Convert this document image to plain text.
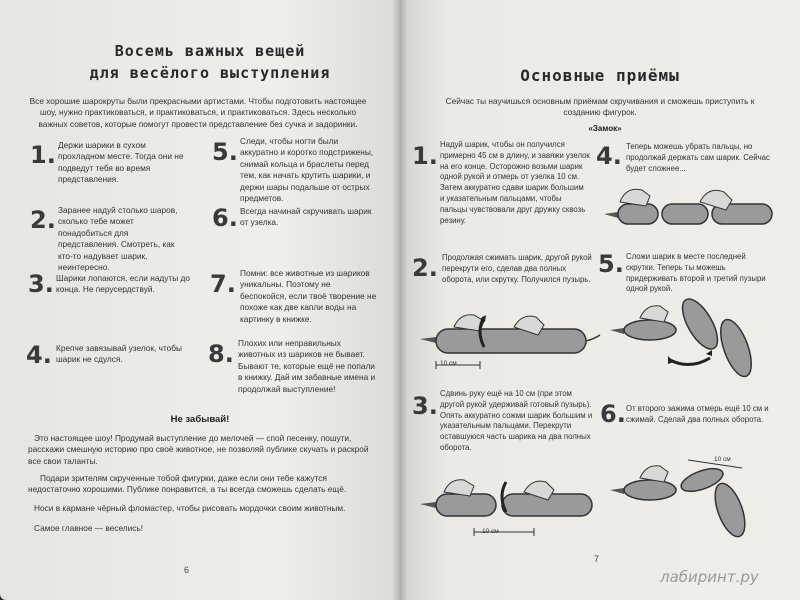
Восемь важных вещей
для весёлого выступления
Все хорошие шарокруты были прекрасными артистами. Чтобы подготовить настоящее шоу, нужно практиковаться, и практиковаться, и практиковаться. Здесь несколько важных советов, которые помогут провести представление без сучка и задоринки.
1. Держи шарики в сухом прохладном месте. Тогда они не подведут тебя во время представления.
2. Заранее надуй столько шаров, сколько тебе может понадобиться для представления. Смотреть, как кто-то надувает шарик, неинтересно.
3. Шарики лопаются, если надуты до конца. Не перусердствуй.
4. Крепче завязывай узелок, чтобы шарик не сдулся.
5. Следи, чтобы ногти были аккуратно и коротко подстрижены, снимай кольца и браслеты перед тем, как начать крутить шарики, и держи шары подальше от острых предметов.
6. Всегда начинай скручивать шарик от узелка.
7. Помни: все животные из шариков уникальны. Поэтому не беспокойся, если твоё творение не похоже как две капли воды на картинку в книжке.
8. Плохих или неправильных животных из шариков не бывает. Бывают те, которые ещё не попали в книжку. Дай им забавные имена и продолжай выступление!
Не забывай!
Это настоящее шоу! Продумай выступление до мелочей — спой песенку, пошути, расскажи смешную историю про своё животное, не позволяй публике скучать и раскрой все свои таланты.
Подари зрителям скрученные тобой фигурки, даже если они тебе кажутся недостаточно хорошими. Публике понравится, а ты всегда сможешь сделать ещё.
Носи в кармане чёрный фломастер, чтобы рисовать мордочки своим животным.
Самое главное — веселись!
6
Основные приёмы
Сейчас ты научишься основным приёмам скручивания и сможешь приступить к созданию фигурок.
«Замок»
1. Надуй шарик, чтобы он получился примерно 45 см в длину, и завяжи узелок на его конце. Осторожно возьми шарик одной рукой и отмерь от узелка 10 см. Затем аккуратно сдави шарик большим и указательным пальцами, чтобы пальцы чувствовали друг дружку сквозь резину.
2. Продолжая сжимать шарик, другой рукой перекрути его, сделав два полных оборота, или скрутку. Получился пузырь.
3. Сдвинь руку ещё на 10 см (при этом другой рукой удерживай готовый пузырь). Опять аккуратно сожми шарик большим и указательным пальцами. Перекрути оставшуюся часть шарика на два полных оборота.
4. Теперь можешь убрать пальцы, но продолжай держать сам шарик. Сейчас будет сложнее...
5. Сложи шарик в месте последней скрутки. Теперь ты можешь придерживать второй и третий пузыри одной рукой.
6. От второго зажима отмерь ещё 10 см и сжимай. Сделай два полных оборота.
10 см
10 см
10 см
7
лабиринт.ру
